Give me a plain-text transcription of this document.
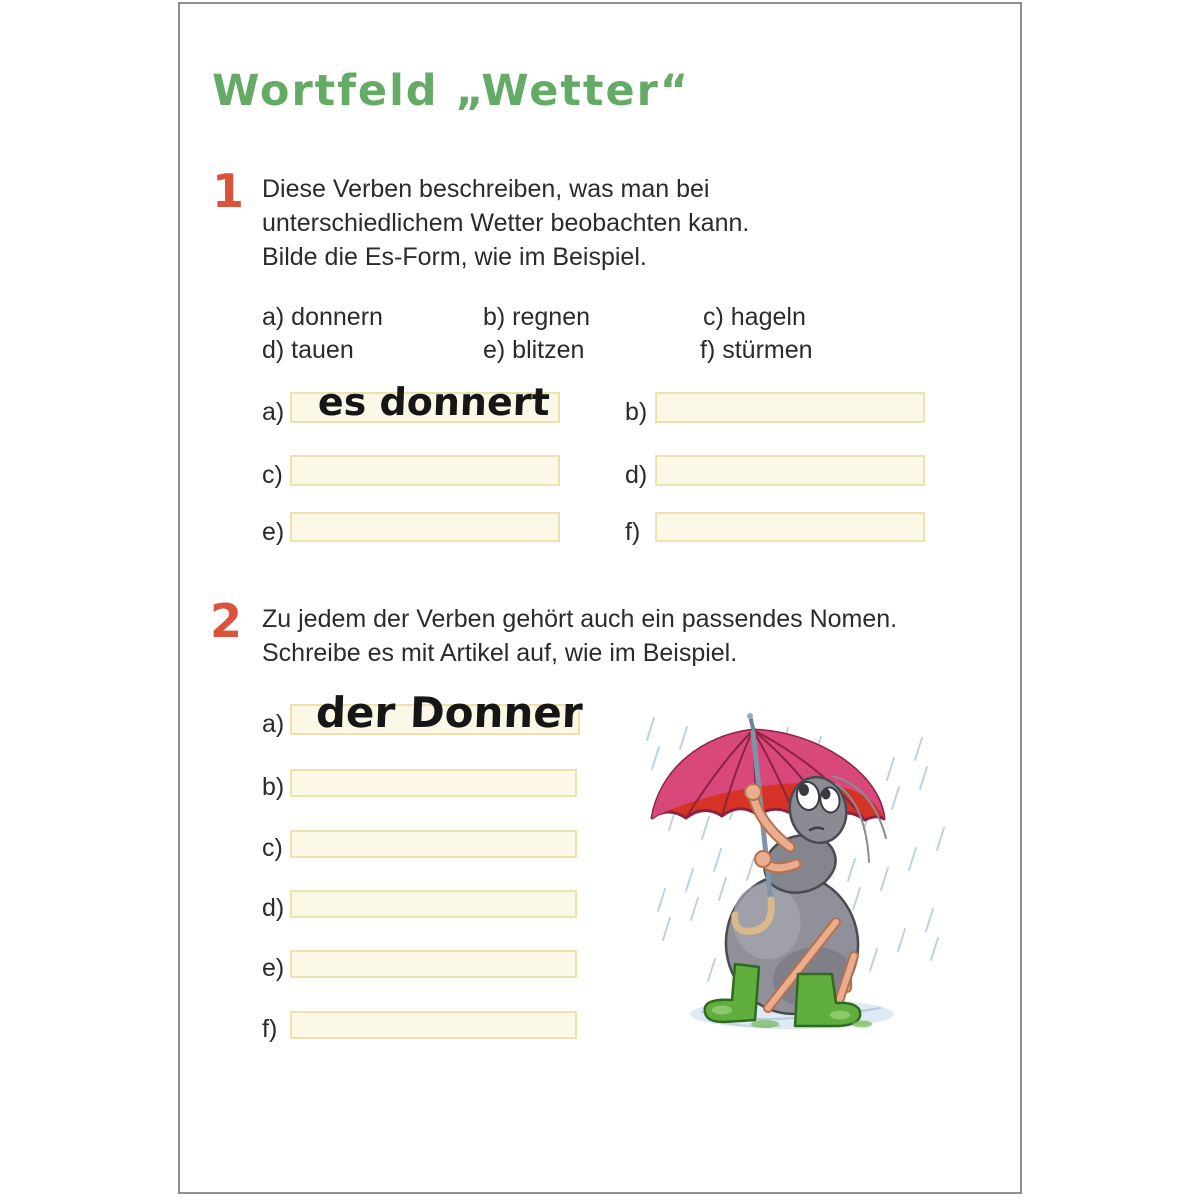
Wortfeld „Wetter“
1 Diese Verben beschreiben, was man bei
unterschiedlichem Wetter beobachten kann.
Bilde die Es-Form, wie im Beispiel.
a) donnern	b) regnen	c) hageln
d) tauen	e) blitzen	f) stürmen
a) es donnert	b)
c)	d)
e)	f)
2 Zu jedem der Verben gehört auch ein passendes Nomen.
Schreibe es mit Artikel auf, wie im Beispiel.
a) der Donner
b)
c)
d)
e)
f)
